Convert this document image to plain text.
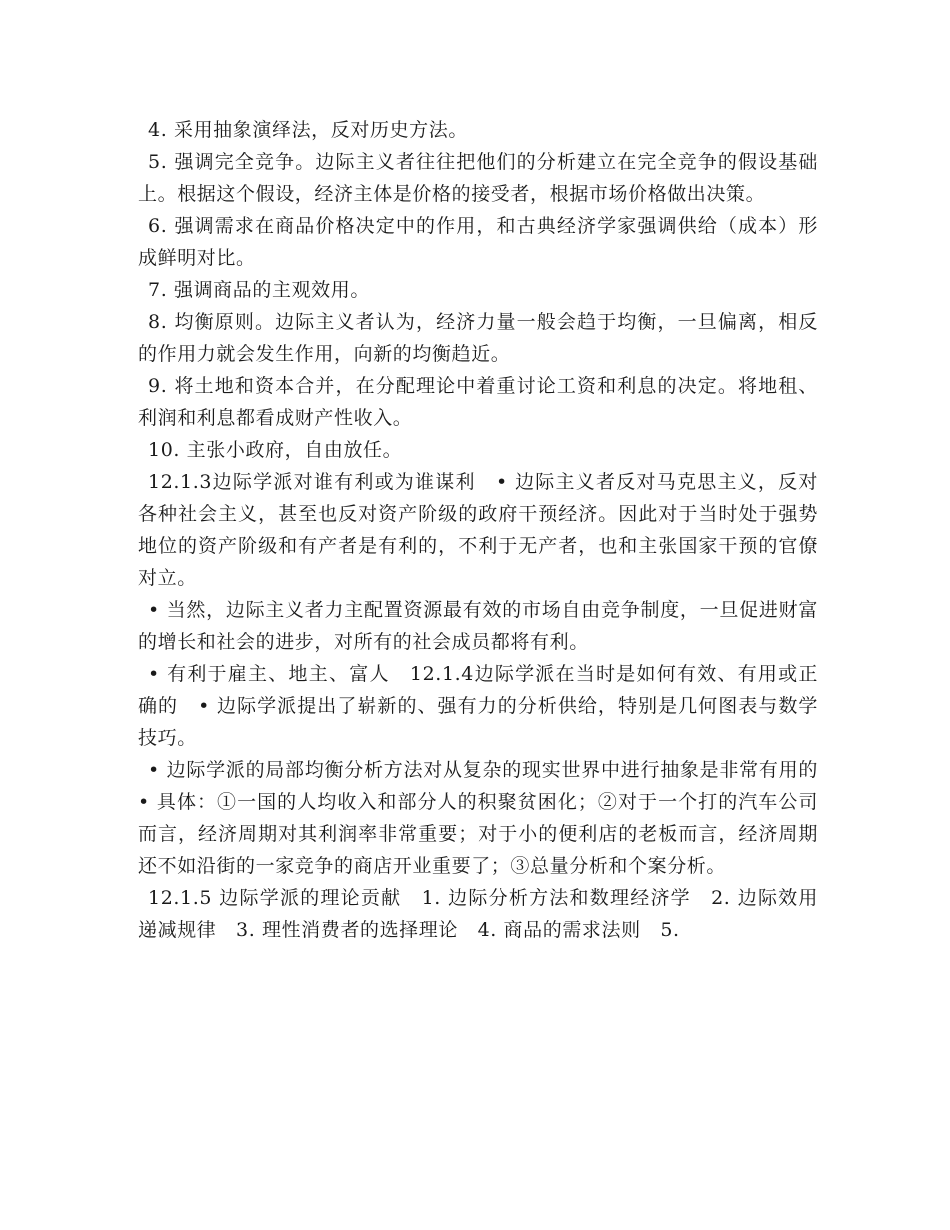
4. 采用抽象演绎法，反对历史方法。

5. 强调完全竞争。边际主义者往往把他们的分析建立在完全竞争的假设基础上。根据这个假设，经济主体是价格的接受者，根据市场价格做出决策。

6. 强调需求在商品价格决定中的作用，和古典经济学家强调供给（成本）形成鲜明对比。

7. 强调商品的主观效用。

8. 均衡原则。边际主义者认为，经济力量一般会趋于均衡，一旦偏离，相反的作用力就会发生作用，向新的均衡趋近。

9. 将土地和资本合并，在分配理论中着重讨论工资和利息的决定。将地租、利润和利息都看成财产性收入。

10. 主张小政府，自由放任。

12.1.3边际学派对谁有利或为谁谋利　• 边际主义者反对马克思主义，反对各种社会主义，甚至也反对资产阶级的政府干预经济。因此对于当时处于强势地位的资产阶级和有产者是有利的，不利于无产者，也和主张国家干预的官僚对立。

• 当然，边际主义者力主配置资源最有效的市场自由竞争制度，一旦促进财富的增长和社会的进步，对所有的社会成员都将有利。

• 有利于雇主、地主、富人　12.1.4边际学派在当时是如何有效、有用或正确的　• 边际学派提出了崭新的、强有力的分析供给，特别是几何图表与数学技巧。

• 边际学派的局部均衡分析方法对从复杂的现实世界中进行抽象是非常有用的　• 具体：①一国的人均收入和部分人的积聚贫困化；②对于一个打的汽车公司而言，经济周期对其利润率非常重要；对于小的便利店的老板而言，经济周期还不如沿街的一家竞争的商店开业重要了；③总量分析和个案分析。

12.1.5 边际学派的理论贡献　1. 边际分析方法和数理经济学　2. 边际效用递减规律　3. 理性消费者的选择理论　4. 商品的需求法则　5.
